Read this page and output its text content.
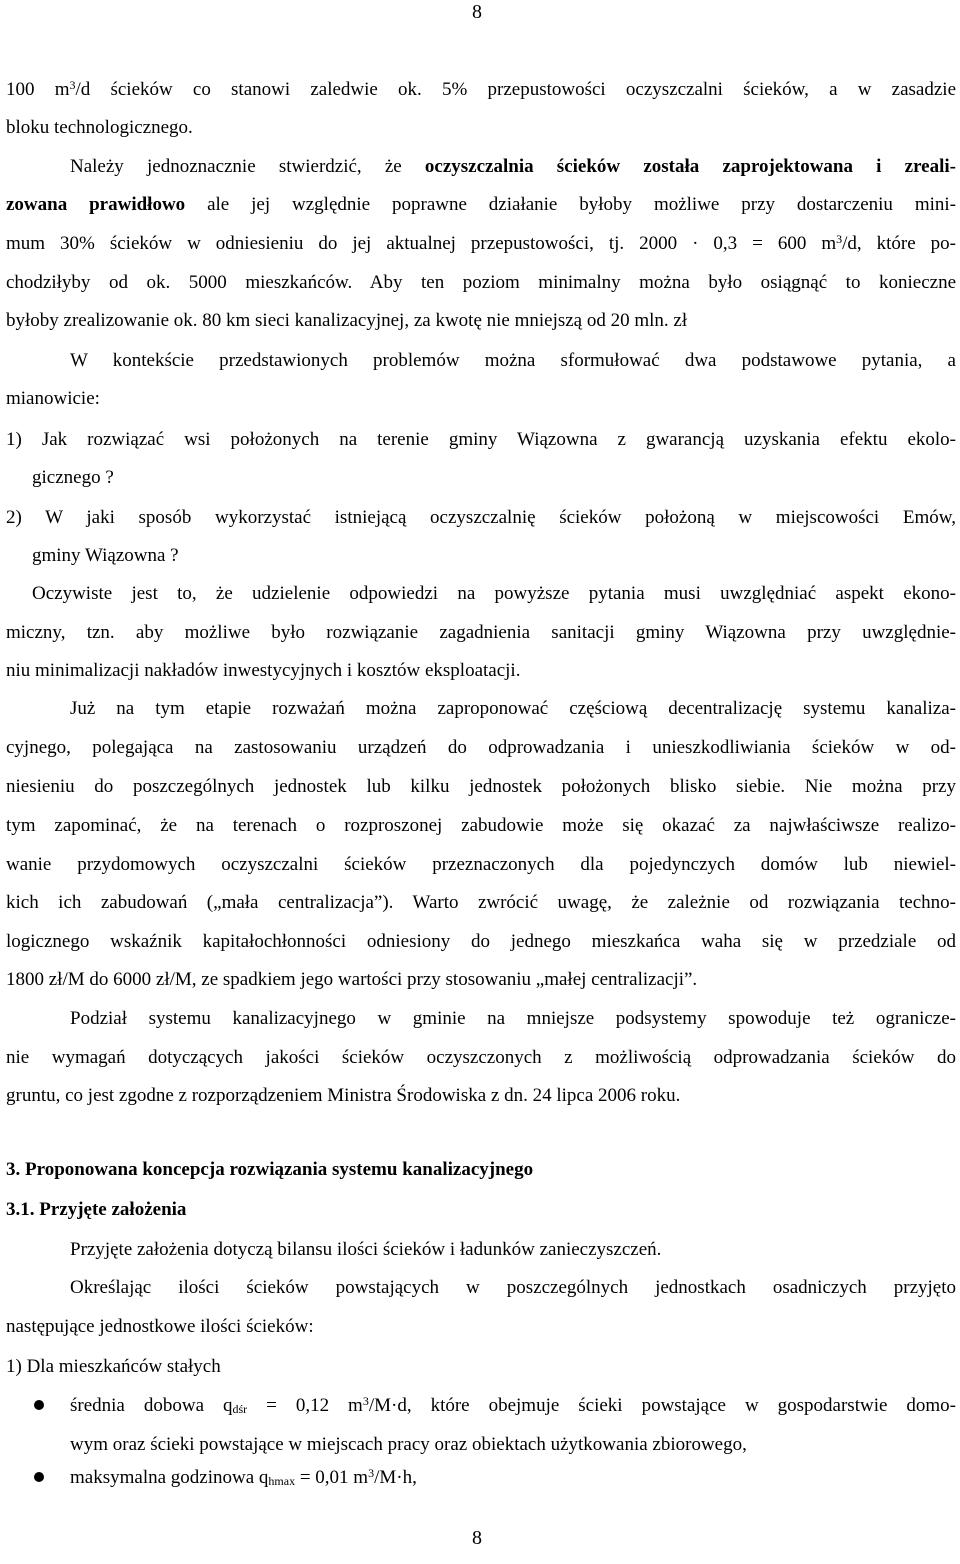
8
100 $m^3/d$ ścieków co stanowi zaledwie ok. 5% przepustowości oczyszczalni ścieków, a w zasadzie
bloku technologicznego.
Należy jednoznacznie stwierdzić, że oczyszczalnia ścieków została zaprojektowana i zreali-
zowana prawidłowo ale jej względnie poprawne działanie byłoby możliwe przy dostarczeniu mini-
mum 30% ścieków w odniesieniu do jej aktualnej przepustowości, tj. 2000 · 0,3 = 600 $m^3/d$, które po-
chodziłyby od ok. 5000 mieszkańców. Aby ten poziom minimalny można było osiągnąć to konieczne
byłoby zrealizowanie ok. 80 km sieci kanalizacyjnej, za kwotę nie mniejszą od 20 mln. zł
W kontekście przedstawionych problemów można sformułować dwa podstawowe pytania, a
mianowicie:
1) Jak rozwiązać wsi położonych na terenie gminy Wiązowna z gwarancją uzyskania efektu ekolo-
gicznego ?
2) W jaki sposób wykorzystać istniejącą oczyszczalnię ścieków położoną w miejscowości Emów,
gminy Wiązowna ?
Oczywiste jest to, że udzielenie odpowiedzi na powyższe pytania musi uwzględniać aspekt ekono-
miczny, tzn. aby możliwe było rozwiązanie zagadnienia sanitacji gminy Wiązowna przy uwzględnie-
niu minimalizacji nakładów inwestycyjnych i kosztów eksploatacji.
Już na tym etapie rozważań można zaproponować częściową decentralizację systemu kanaliza-
cyjnego, polegająca na zastosowaniu urządzeń do odprowadzania i unieszkodliwiania ścieków w od-
niesieniu do poszczególnych jednostek lub kilku jednostek położonych blisko siebie. Nie można przy
tym zapominać, że na terenach o rozproszonej zabudowie może się okazać za najwłaściwsze realizo-
wanie przydomowych oczyszczalni ścieków przeznaczonych dla pojedynczych domów lub niewiel-
kich ich zabudowań („mała centralizacja”). Warto zwrócić uwagę, że zależnie od rozwiązania techno-
logicznego wskaźnik kapitałochłonności odniesiony do jednego mieszkańca waha się w przedziale od
1800 zł/M do 6000 zł/M, ze spadkiem jego wartości przy stosowaniu „małej centralizacji”.
Podział systemu kanalizacyjnego w gminie na mniejsze podsystemy spowoduje też ogranicze-
nie wymagań dotyczących jakości ścieków oczyszczonych z możliwością odprowadzania ścieków do
gruntu, co jest zgodne z rozporządzeniem Ministra Środowiska z dn. 24 lipca 2006 roku.
3. Proponowana koncepcja rozwiązania systemu kanalizacyjnego
3.1. Przyjęte założenia
Przyjęte założenia dotyczą bilansu ilości ścieków i ładunków zanieczyszczeń.
Określając ilości ścieków powstających w poszczególnych jednostkach osadniczych przyjęto
następujące jednostkowe ilości ścieków:
1) Dla mieszkańców stałych
średnia dobowa $q_{dśr} = 0,12$ $m^3/M\cdot d$, które obejmuje ścieki powstające w gospodarstwie domo-
wym oraz ścieki powstające w miejscach pracy oraz obiektach użytkowania zbiorowego,
maksymalna godzinowa $q_{hmax} = 0,01$ $m^3/M\cdot h$,
8
